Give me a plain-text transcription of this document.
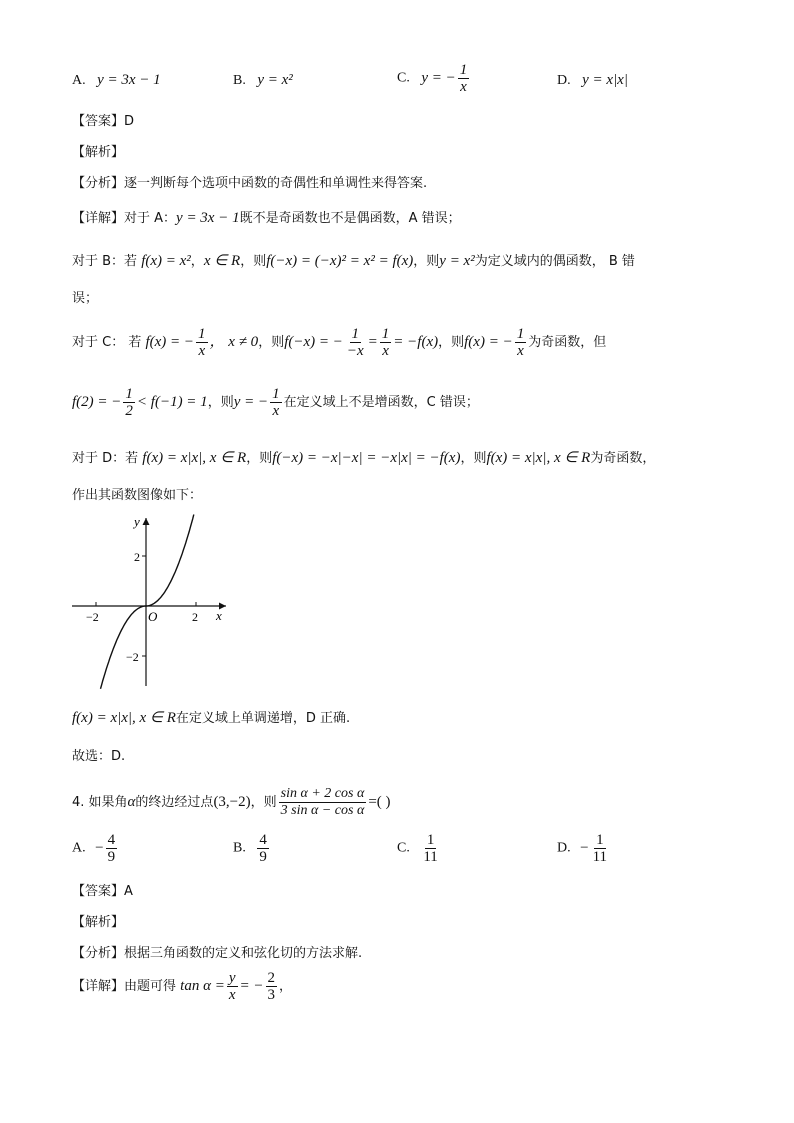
A. y = 3x − 1	B. y = x²	C. y = − $\frac{1}{x}$	D. y = x|x|
【答案】D
【解析】
【分析】逐一判断每个选项中函数的奇偶性和单调性来得答案.
【详解】对于 A：y = 3x − 1既不是奇函数也不是偶函数，A 错误；
对于 B：若 f(x) = x²，x ∈ R，则f(−x) = (−x)² = x² = f(x)，则y = x²为定义域内的偶函数， B 错
误；
对于 C： 若 f(x) = − $\frac{1}{x}$ ， x ≠ 0，则f(−x) = − $\frac{1}{-x} = \frac{1}{x} = -f(x)$，则f(x) = − $\frac{1}{x}$ 为奇函数，但
f(2) = − $\frac{1}{2} < f(-1) = 1$，则y = − $\frac{1}{x}$ 在定义域上不是增函数，C 错误；
对于 D：若 f(x) = x|x|, x ∈ R，则f(−x) = −x|−x| = −x|x| = −f(x)，则f(x) = x|x|, x ∈ R为奇函数，
作出其函数图像如下：
y
x
O
2
−2
−2	2
f(x) = x|x|, x ∈ R在定义域上单调递增，D 正确.
故选：D.
4. 如果角α的终边经过点(3,−2)，则 $\frac{\text{sin α + 2 cos α}}{\text{3 sin α − cos α}}$ =( )
A. − $\frac{4}{9}$	B. $\frac{4}{9}$	C. $\frac{1}{11}$	D. − $\frac{1}{11}$
【答案】A
【解析】
【分析】根据三角函数的定义和弦化切的方法求解.
【详解】由题可得 $\tan \alpha = \frac{y}{x}$ = − $\frac{2}{3}$ ，
